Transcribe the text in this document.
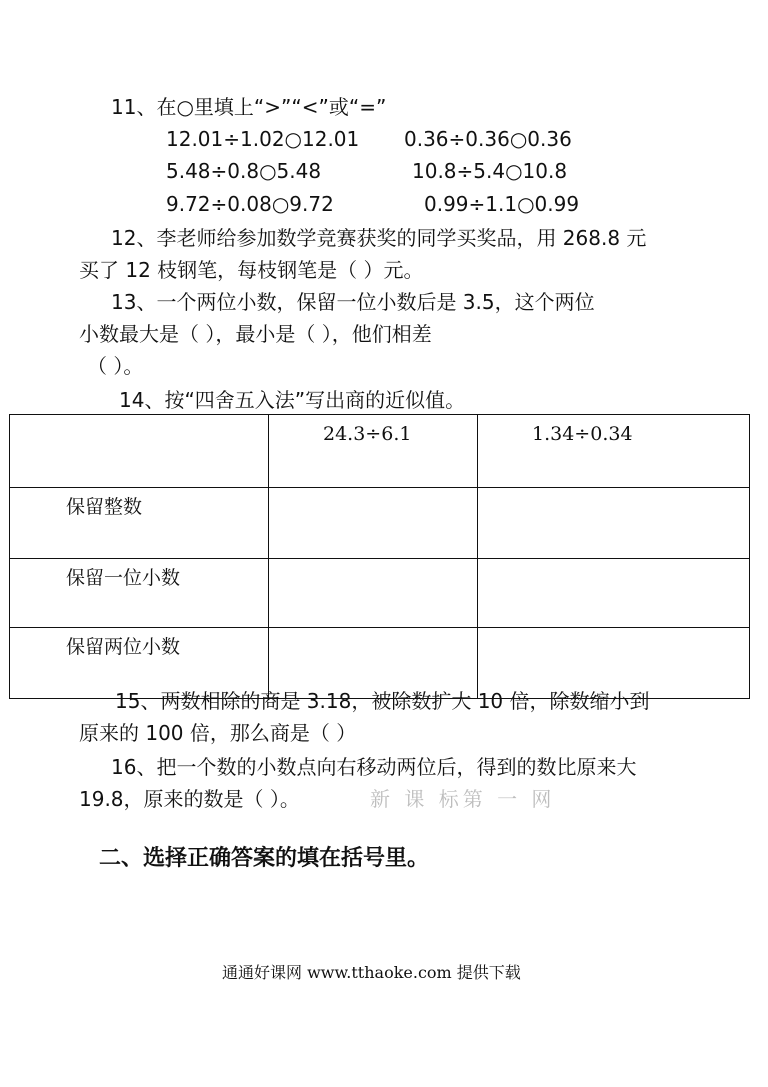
11、在○里填上“>”“<”或“=”
12.01÷1.02○12.01 0.36÷0.36○0.36
5.48÷0.8○5.48	10.8÷5.4○10.8
9.72÷0.08○9.72	0.99÷1.1○0.99
12、李老师给参加数学竞赛获奖的同学买奖品，用 268.8 元
买了 12 枝钢笔，每枝钢笔是（ ）元。
13、一个两位小数，保留一位小数后是 3.5，这个两位
小数最大是（ ），最小是（ ），他们相差
（ ）。
14、按“四舍五入法”写出商的近似值。
	24.3÷6.1	1.34÷0.34
保留整数		
保留一位小数		
保留两位小数		
15、两数相除的商是 3.18，被除数扩大 10 倍，除数缩小到
原来的 100 倍，那么商是（ ）
16、把一个数的小数点向右移动两位后，得到的数比原来大
19.8，原来的数是（ ）。	新 课 标第 一 网
二、选择正确答案的填在括号里。
通通好课网 www.tthaoke.com 提供下载
